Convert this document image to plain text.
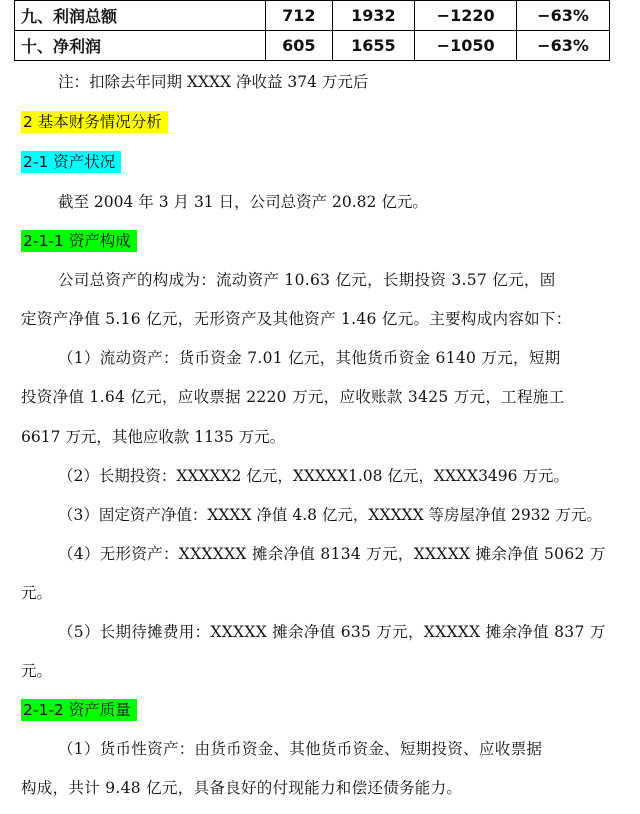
九、利润总额	712	1932	−1220	−63%
十、净利润	605	1655	−1050	−63%
注：扣除去年同期 XXXX 净收益 374 万元后
2 基本财务情况分析
2-1 资产状况
截至 2004 年 3 月 31 日，公司总资产 20.82 亿元。
2-1-1 资产构成
公司总资产的构成为：流动资产 10.63 亿元，长期投资 3.57 亿元，固
定资产净值 5.16 亿元，无形资产及其他资产 1.46 亿元。主要构成内容如下：
（1）流动资产：货币资金 7.01 亿元，其他货币资金 6140 万元，短期
投资净值 1.64 亿元，应收票据 2220 万元，应收账款 3425 万元，工程施工
6617 万元，其他应收款 1135 万元。
（2）长期投资：XXXXX2 亿元，XXXXX1.08 亿元，XXXX3496 万元。
（3）固定资产净值：XXXX 净值 4.8 亿元，XXXXX 等房屋净值 2932 万元。
（4）无形资产：XXXXXX 摊余净值 8134 万元，XXXXX 摊余净值 5062 万
元。
（5）长期待摊费用：XXXXX 摊余净值 635 万元，XXXXX 摊余净值 837 万
元。
2-1-2 资产质量
（1）货币性资产：由货币资金、其他货币资金、短期投资、应收票据
构成，共计 9.48 亿元，具备良好的付现能力和偿还债务能力。
